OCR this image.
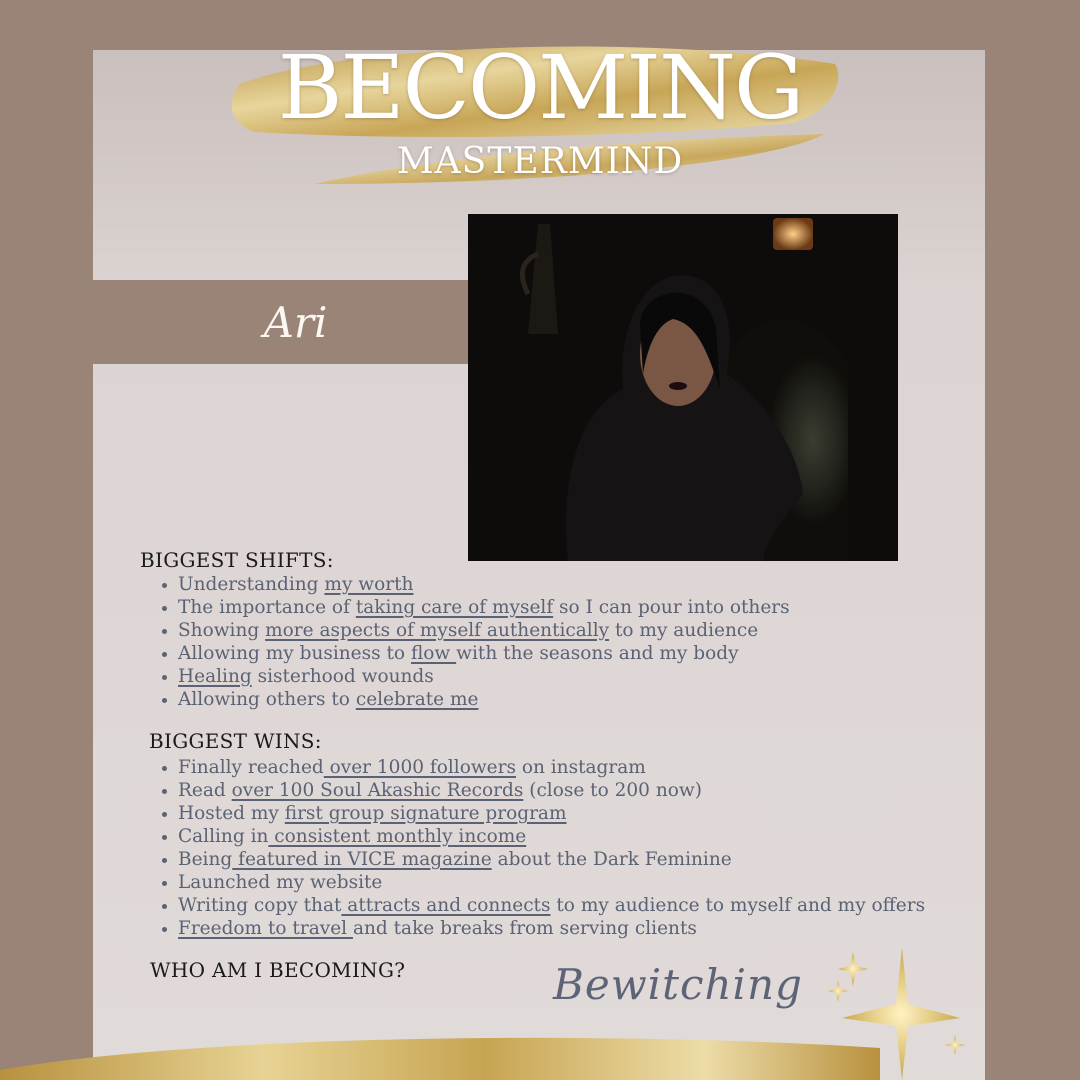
BECOMING
MASTERMIND
Ari
BIGGEST SHIFTS:
Understanding my worth
The importance of taking care of myself so I can pour into others
Showing more aspects of myself authentically to my audience
Allowing my business to flow with the seasons and my body
Healing sisterhood wounds
Allowing others to celebrate me
BIGGEST WINS:
Finally reached over 1000 followers on instagram
Read over 100 Soul Akashic Records (close to 200 now)
Hosted my first group signature program
Calling in consistent monthly income
Being featured in VICE magazine about the Dark Feminine
Launched my website
Writing copy that attracts and connects to my audience to myself and my offers
Freedom to travel and take breaks from serving clients
WHO AM I BECOMING?	Bewitching
